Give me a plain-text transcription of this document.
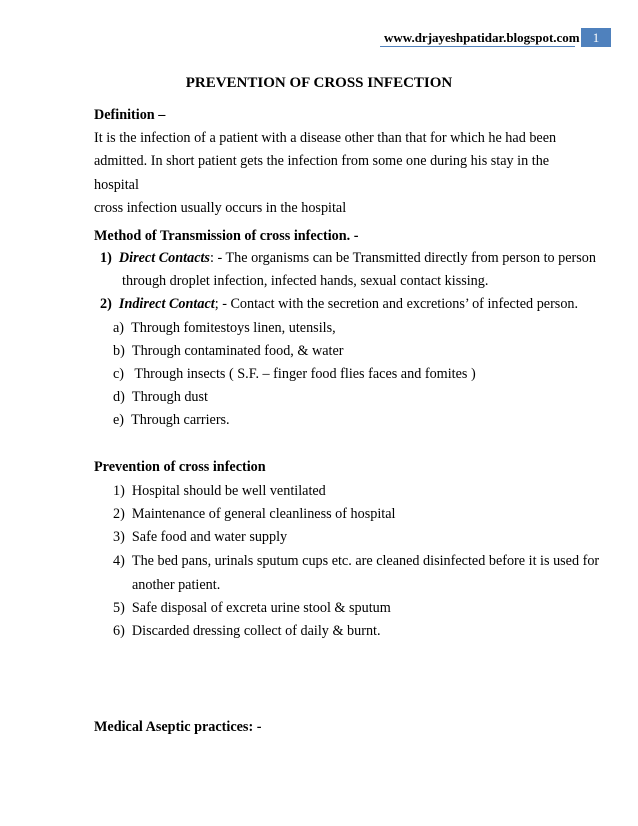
www.drjayeshpatidar.blogspot.com	1
PREVENTION OF CROSS INFECTION
Definition –
It is the infection of a patient with a disease other than that for which he had been
admitted. In short patient gets the infection from some one during his stay in the hospital
cross infection usually occurs in the hospital
Method of Transmission of cross infection. -
1) Direct Contacts: - The organisms can be Transmitted directly from person to person
through droplet infection, infected hands, sexual contact kissing.
2) Indirect Contact; - Contact with the secretion and excretions’ of infected person.
a) Through fomitestoys linen, utensils,
b) Through contaminated food, & water
c)   Through insects ( S.F. – finger food flies faces and fomites )
d) Through dust
e) Through carriers.
Prevention of cross infection
1) Hospital should be well ventilated
2) Maintenance of general cleanliness of hospital
3) Safe food and water supply
4) The bed pans, urinals sputum cups etc. are cleaned disinfected before it is used for
another patient.
5) Safe disposal of excreta urine stool & sputum
6) Discarded dressing collect of daily & burnt.
Medical Aseptic practices: -
